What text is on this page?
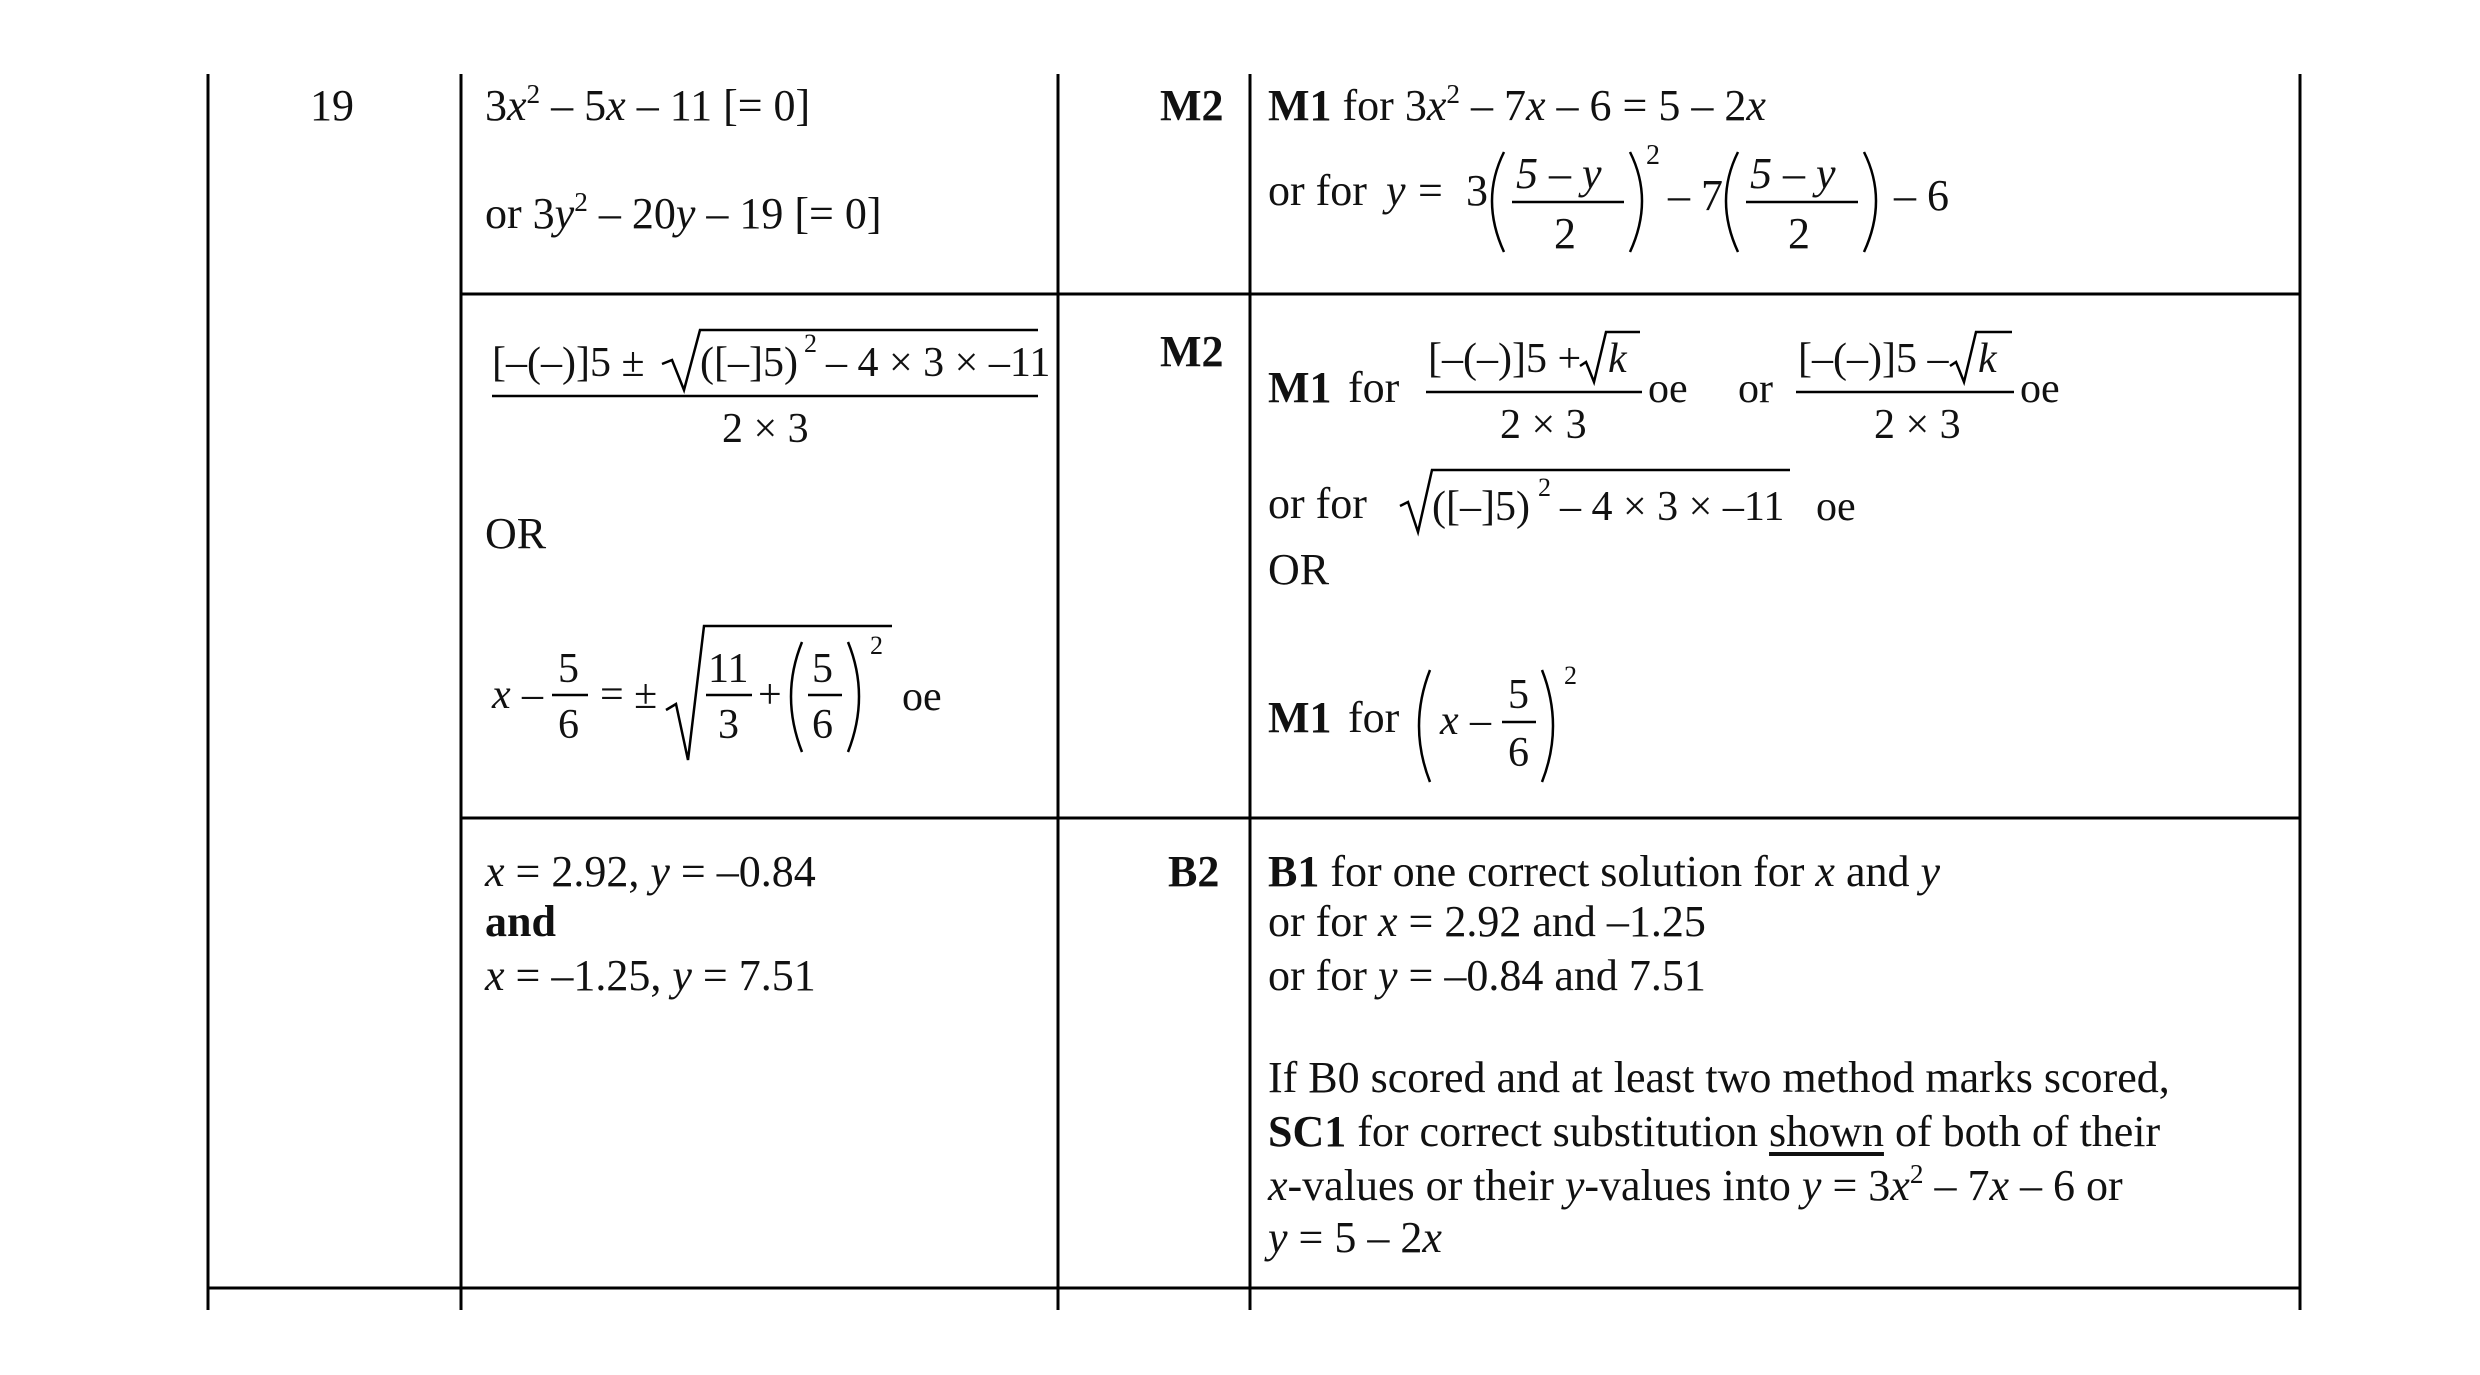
19	$3x^2 - 5x - 11$ [= 0]
or $3y^2 - 20y - 19$ [= 0]
M2 M1 for $3x^2 - 7x - 6 = 5 - 2x$
or for y = 3 5 – y
2
2
– 7 5 – y
2
– 6
[–(–)]5 ± ([–]5) 2 – 4 × 3 × –11
2 × 3
OR
x –
5
6
= ±
11
3
+
5
6
2
oe
M2
M1 for
[–(–)]5 + k
2 × 3
oe or
[–(–)]5 – k
2 × 3
oe
or for ([–]5) 2 – 4 × 3 × –11 oe
OR
M1 for x –
5
6
2
x = 2.92, y = –0.84
and
x = –1.25, y = 7.51
B2 B1 for one correct solution for x and y
or for x = 2.92 and –1.25
or for y = –0.84 and 7.51
If B0 scored and at least two method marks scored,
SC1 for correct substitution shown of both of their
x-values or their y-values into $y = 3x^2 - 7x - 6$ or
y = 5 – 2x
